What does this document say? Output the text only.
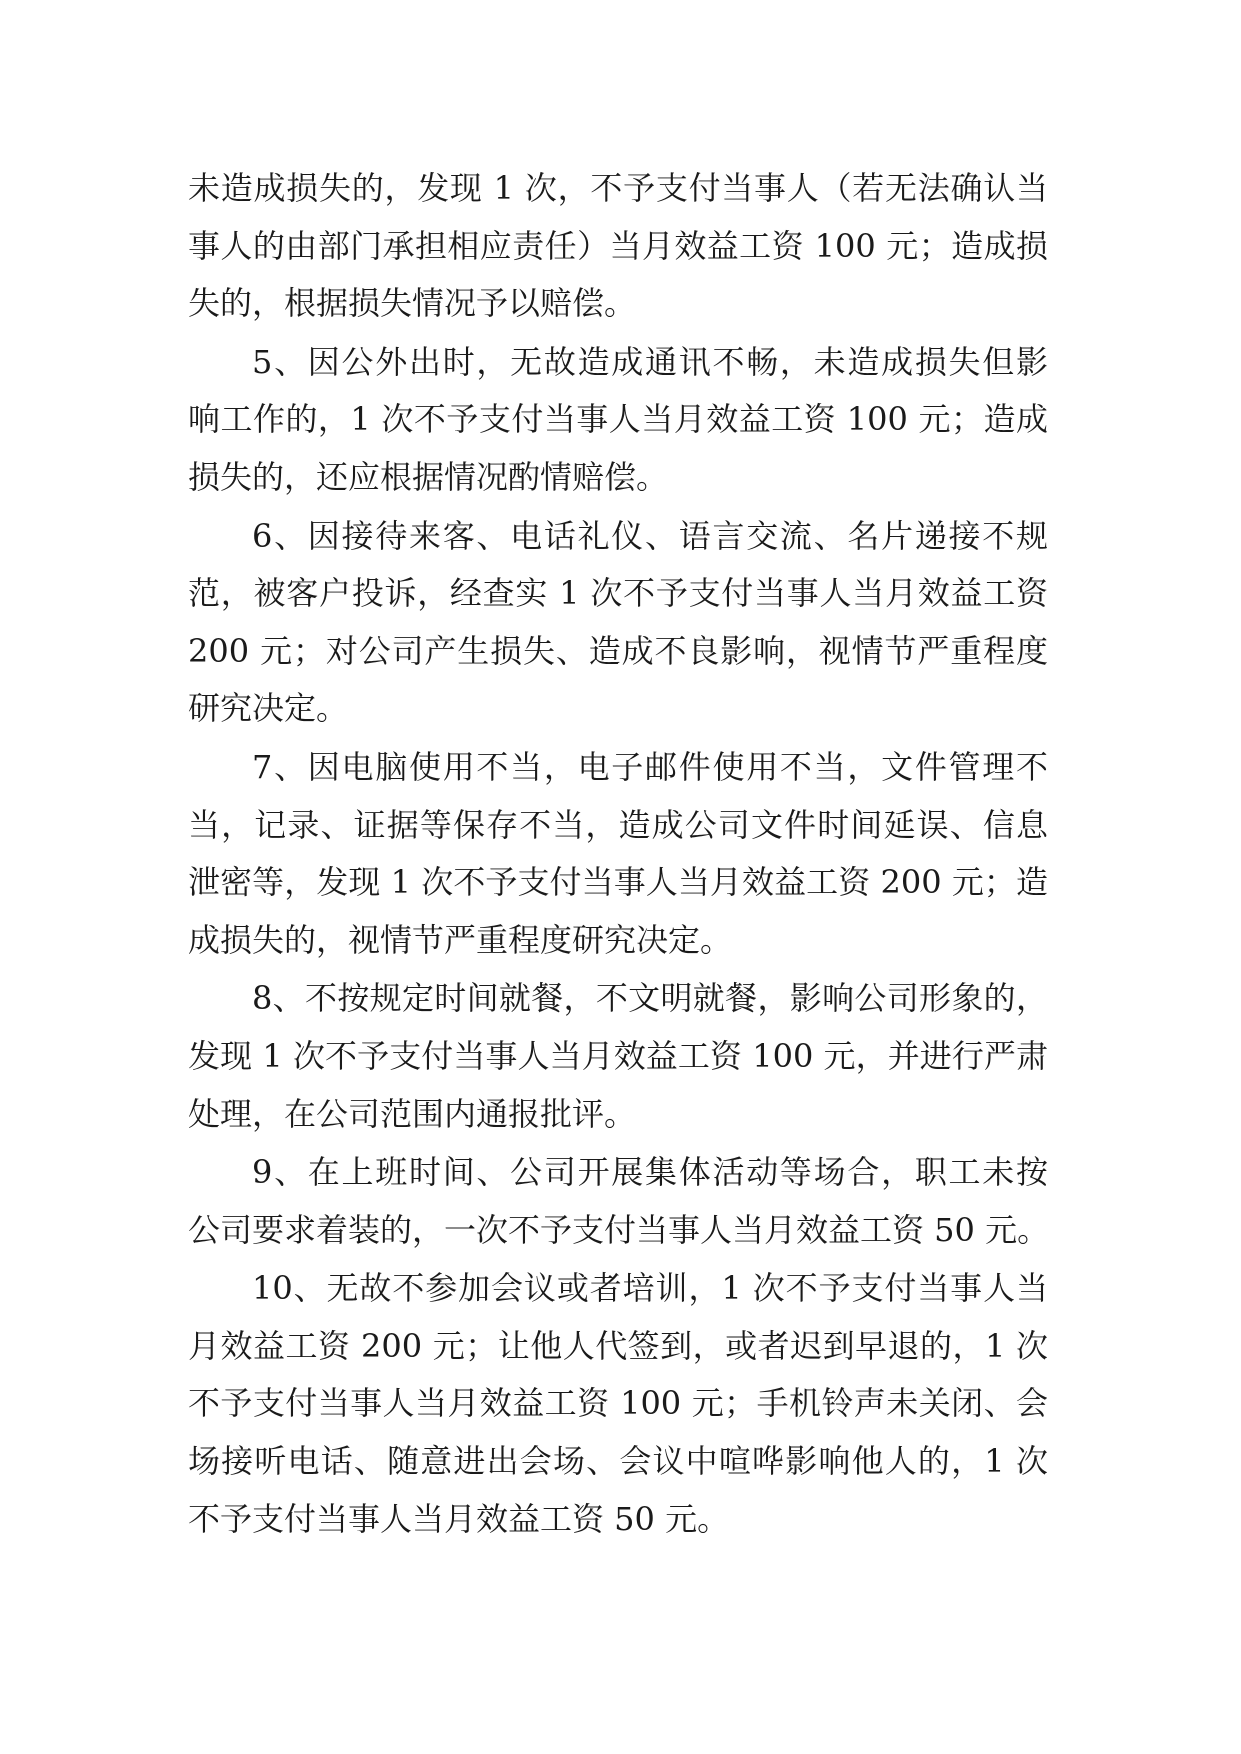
未造成损失的，发现 1 次，不予支付当事人（若无法确认当
事人的由部门承担相应责任）当月效益工资 100 元；造成损
失的，根据损失情况予以赔偿。
5、因公外出时，无故造成通讯不畅，未造成损失但影
响工作的，1 次不予支付当事人当月效益工资 100 元；造成
损失的，还应根据情况酌情赔偿。
6、因接待来客、电话礼仪、语言交流、名片递接不规
范，被客户投诉，经查实 1 次不予支付当事人当月效益工资
200 元；对公司产生损失、造成不良影响，视情节严重程度
研究决定。
7、因电脑使用不当，电子邮件使用不当，文件管理不
当，记录、证据等保存不当，造成公司文件时间延误、信息
泄密等，发现 1 次不予支付当事人当月效益工资 200 元；造
成损失的，视情节严重程度研究决定。
8、不按规定时间就餐，不文明就餐，影响公司形象的，
发现 1 次不予支付当事人当月效益工资 100 元，并进行严肃
处理，在公司范围内通报批评。
9、在上班时间、公司开展集体活动等场合，职工未按
公司要求着装的，一次不予支付当事人当月效益工资 50 元。
10、无故不参加会议或者培训，1 次不予支付当事人当
月效益工资 200 元；让他人代签到，或者迟到早退的，1 次
不予支付当事人当月效益工资 100 元；手机铃声未关闭、会
场接听电话、随意进出会场、会议中喧哗影响他人的，1 次
不予支付当事人当月效益工资 50 元。
